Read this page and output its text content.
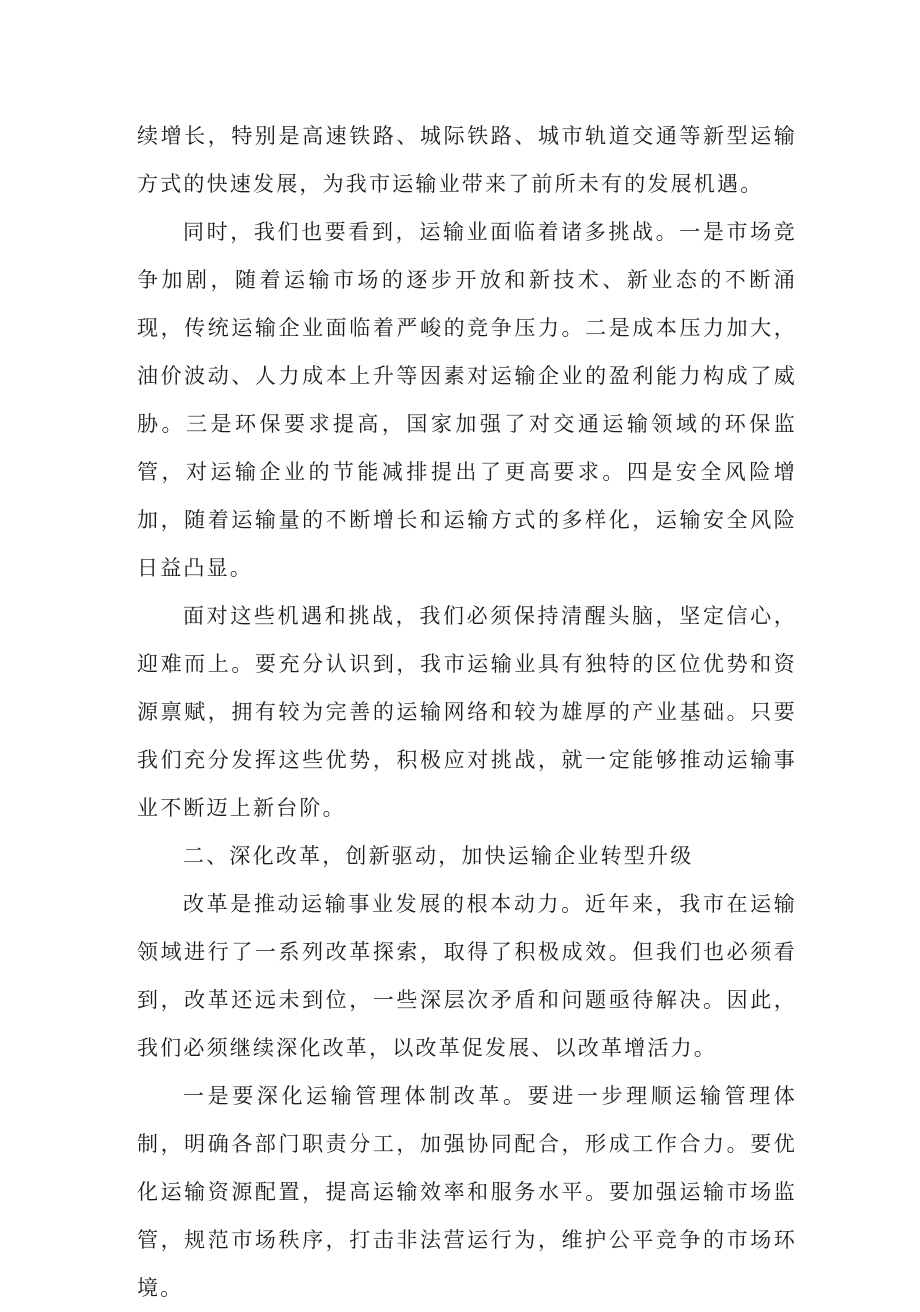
续增长，特别是高速铁路、城际铁路、城市轨道交通等新型运输方式的快速发展，为我市运输业带来了前所未有的发展机遇。

同时，我们也要看到，运输业面临着诸多挑战。一是市场竞争加剧，随着运输市场的逐步开放和新技术、新业态的不断涌现，传统运输企业面临着严峻的竞争压力。二是成本压力加大，油价波动、人力成本上升等因素对运输企业的盈利能力构成了威胁。三是环保要求提高，国家加强了对交通运输领域的环保监管，对运输企业的节能减排提出了更高要求。四是安全风险增加，随着运输量的不断增长和运输方式的多样化，运输安全风险日益凸显。

面对这些机遇和挑战，我们必须保持清醒头脑，坚定信心，迎难而上。要充分认识到，我市运输业具有独特的区位优势和资源禀赋，拥有较为完善的运输网络和较为雄厚的产业基础。只要我们充分发挥这些优势，积极应对挑战，就一定能够推动运输事业不断迈上新台阶。

二、深化改革，创新驱动，加快运输企业转型升级

改革是推动运输事业发展的根本动力。近年来，我市在运输领域进行了一系列改革探索，取得了积极成效。但我们也必须看到，改革还远未到位，一些深层次矛盾和问题亟待解决。因此，我们必须继续深化改革，以改革促发展、以改革增活力。

一是要深化运输管理体制改革。要进一步理顺运输管理体制，明确各部门职责分工，加强协同配合，形成工作合力。要优化运输资源配置，提高运输效率和服务水平。要加强运输市场监管，规范市场秩序，打击非法营运行为，维护公平竞争的市场环境。
